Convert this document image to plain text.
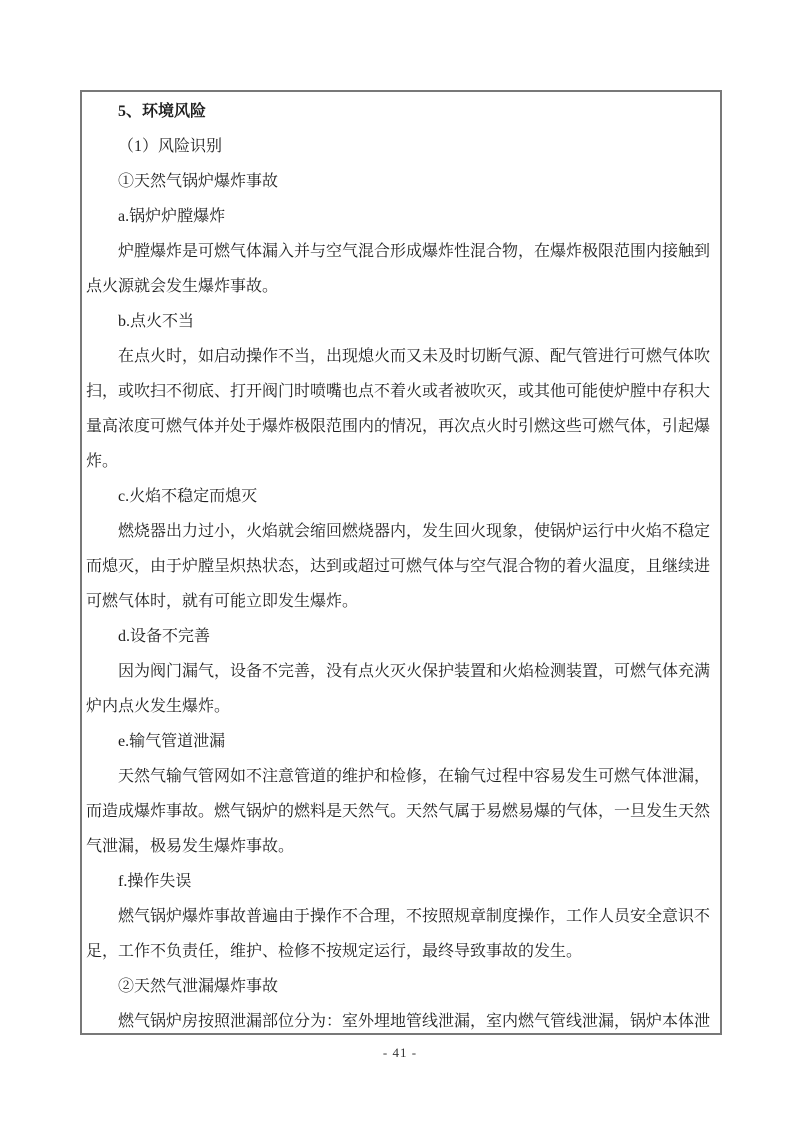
5、环境风险

（1）风险识别

①天然气锅炉爆炸事故

a.锅炉炉膛爆炸

炉膛爆炸是可燃气体漏入并与空气混合形成爆炸性混合物，在爆炸极限范围内接触到点火源就会发生爆炸事故。

b.点火不当

在点火时，如启动操作不当，出现熄火而又未及时切断气源、配气管进行可燃气体吹扫，或吹扫不彻底、打开阀门时喷嘴也点不着火或者被吹灭，或其他可能使炉膛中存积大量高浓度可燃气体并处于爆炸极限范围内的情况，再次点火时引燃这些可燃气体，引起爆炸。

c.火焰不稳定而熄灭

燃烧器出力过小，火焰就会缩回燃烧器内，发生回火现象，使锅炉运行中火焰不稳定而熄灭，由于炉膛呈炽热状态，达到或超过可燃气体与空气混合物的着火温度，且继续进可燃气体时，就有可能立即发生爆炸。

d.设备不完善

因为阀门漏气，设备不完善，没有点火灭火保护装置和火焰检测装置，可燃气体充满炉内点火发生爆炸。

e.输气管道泄漏

天然气输气管网如不注意管道的维护和检修，在输气过程中容易发生可燃气体泄漏，而造成爆炸事故。燃气锅炉的燃料是天然气。天然气属于易燃易爆的气体，一旦发生天然气泄漏，极易发生爆炸事故。

f.操作失误

燃气锅炉爆炸事故普遍由于操作不合理，不按照规章制度操作，工作人员安全意识不足，工作不负责任，维护、检修不按规定运行，最终导致事故的发生。

②天然气泄漏爆炸事故

燃气锅炉房按照泄漏部位分为：室外埋地管线泄漏，室内燃气管线泄漏，锅炉本体泄

- 41 -
